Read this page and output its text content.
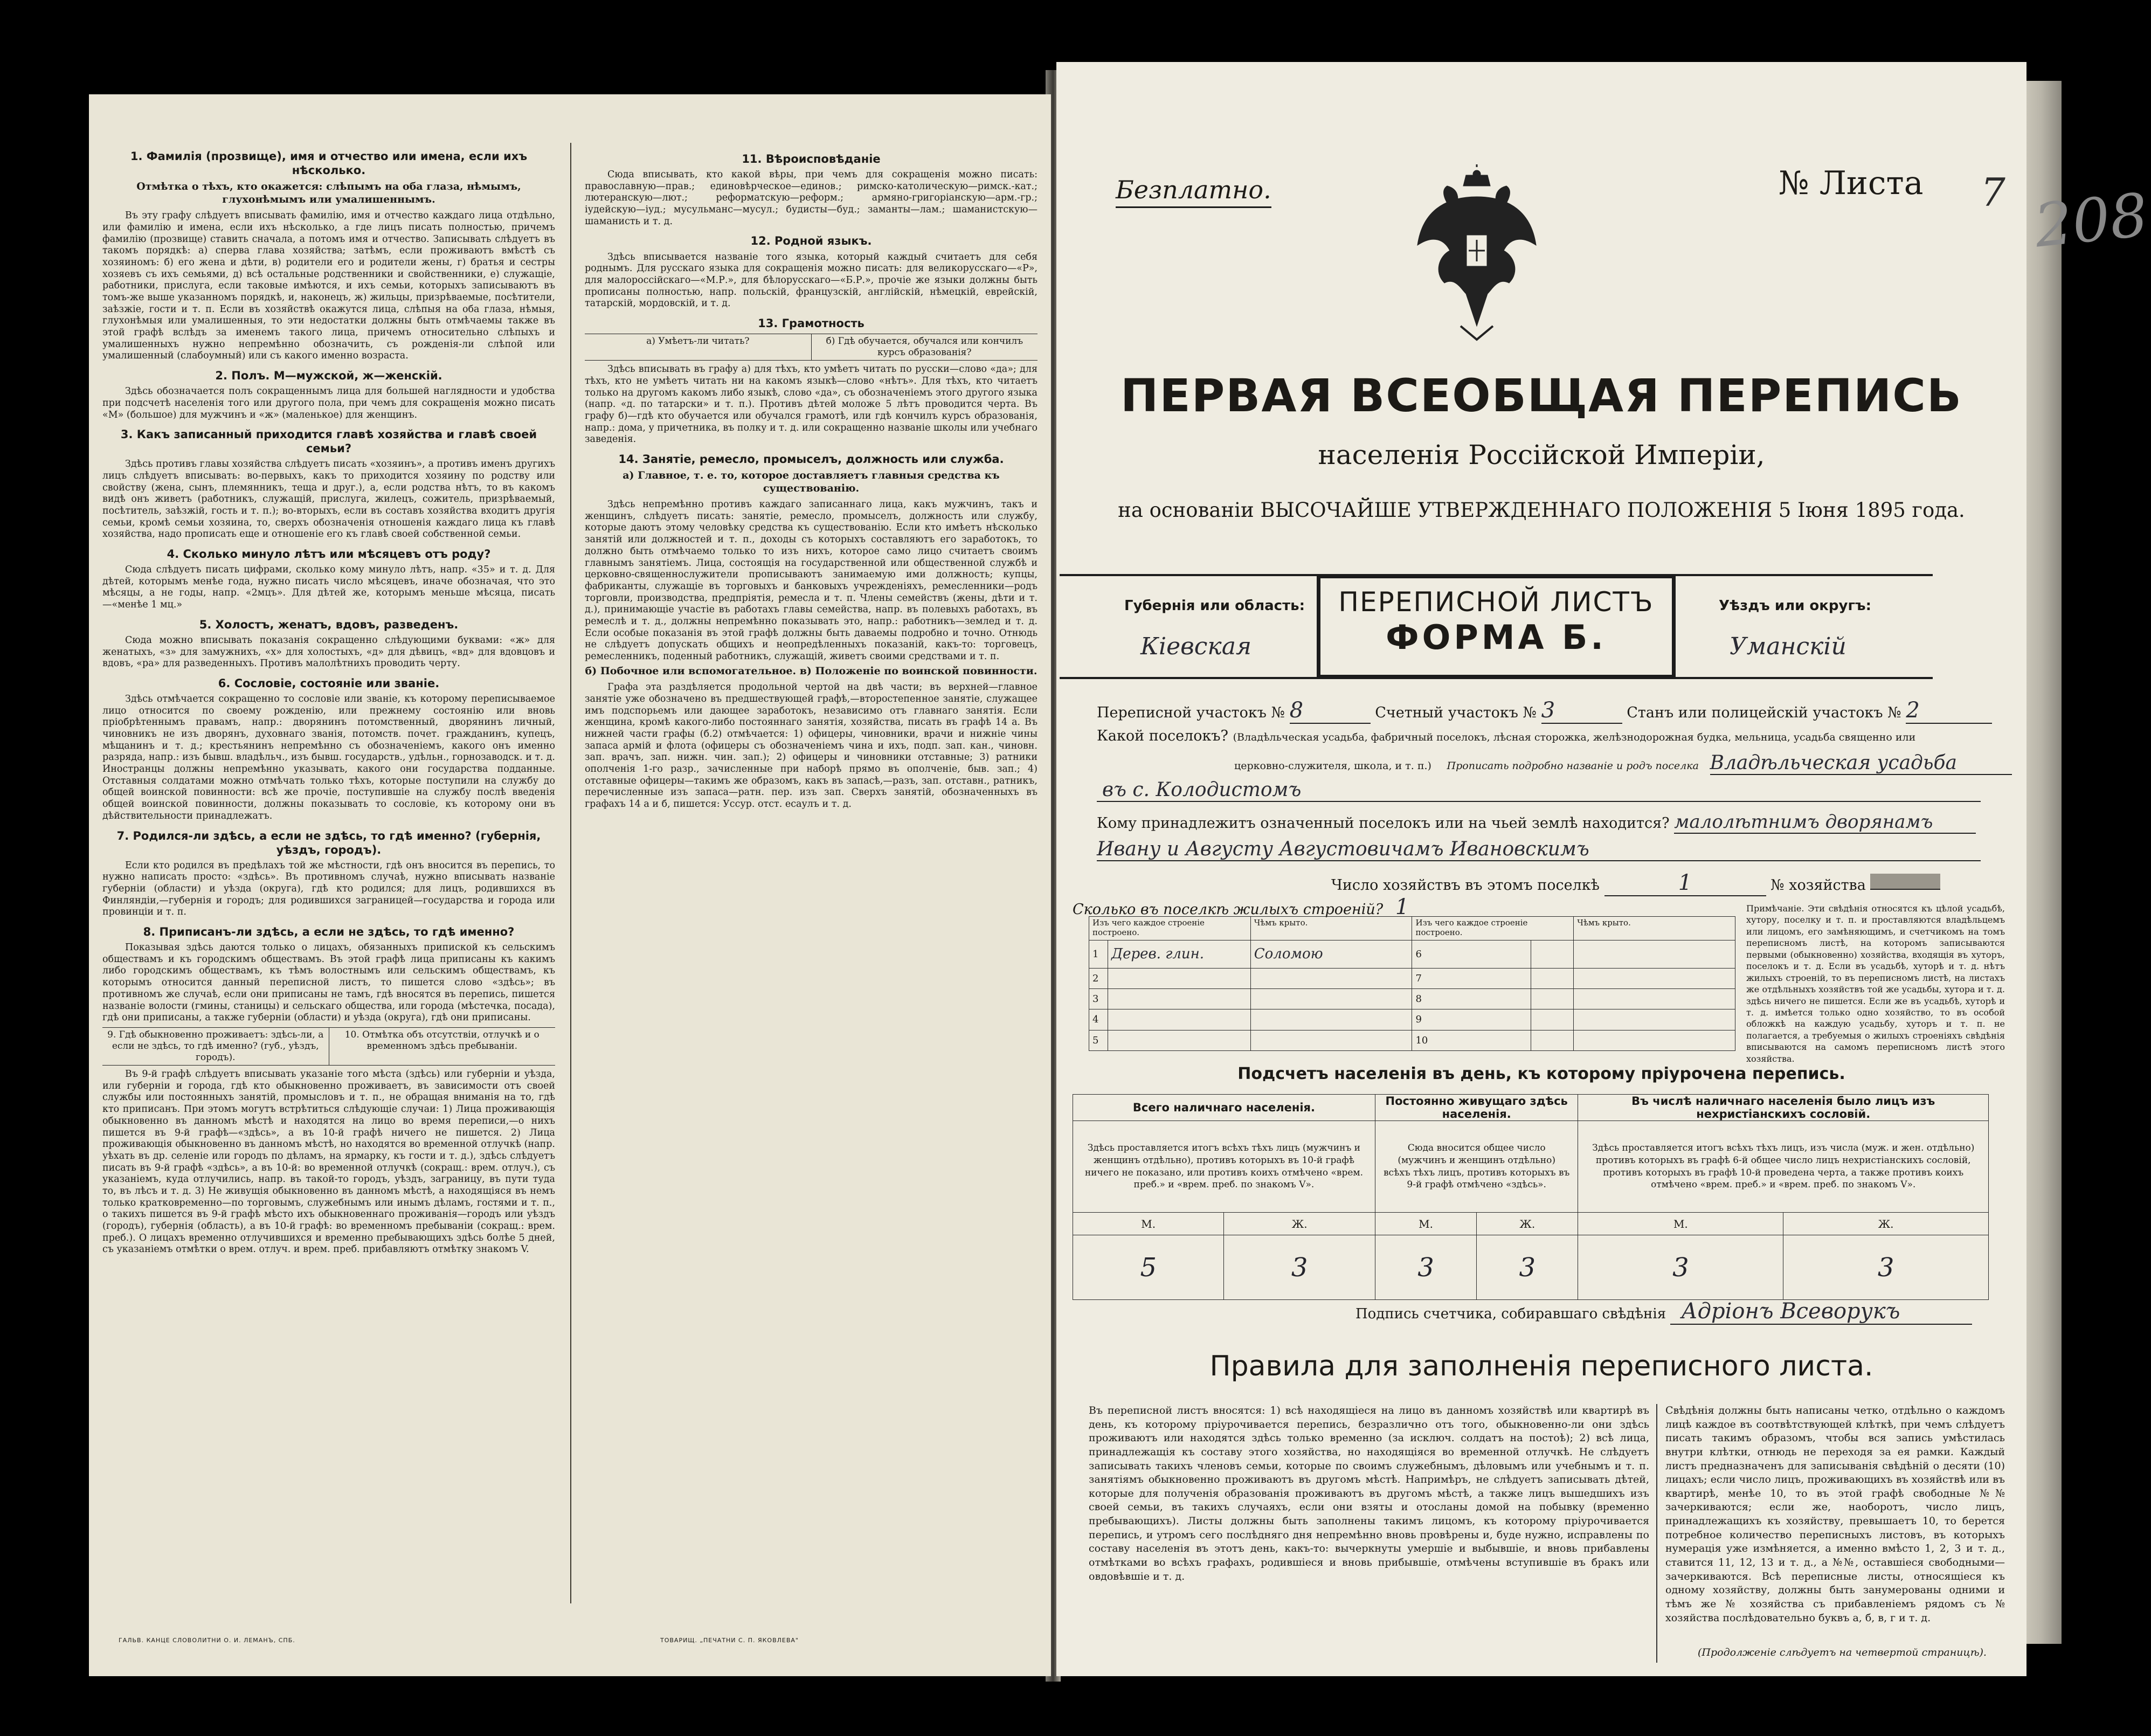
1. Фамилія (прозвище), имя и отчество или имена, если ихъ нѣсколько.
Отмѣтка о тѣхъ, кто окажется: слѣпымъ на оба глаза, нѣмымъ, глухонѣмымъ или умалишеннымъ.

Въ эту графу слѣдуетъ вписывать фамилію, имя и отчество каждаго лица отдѣльно, или фамилію и имена, если ихъ нѣсколько, а где лицъ писать полностью, причемъ фамилію (прозвище) ставить сначала, а потомъ имя и отчество. Записывать слѣдуетъ въ такомъ порядкѣ: а) сперва глава хозяйства; затѣмъ, если проживаютъ вмѣстѣ съ хозяиномъ: б) его жена и дѣти, в) родители его и родители жены, г) братья и сестры хозяевъ съ ихъ семьями, д) всѣ остальные родственники и свойственники, е) служащіе, работники, прислуга, если таковые имѣются, и ихъ семьи, которыхъ записываютъ въ томъ-же выше указанномъ порядкѣ, и, наконецъ, ж) жильцы, призрѣваемые, посѣтители, заѣзжіе, гости и т. п. Если въ хозяйствѣ окажутся лица, слѣпыя на оба глаза, нѣмыя, глухонѣмыя или умалишенныя, то эти недостатки должны быть отмѣчаемы также въ этой графѣ вслѣдъ за именемъ такого лица, причемъ относительно слѣпыхъ и умалишенныхъ нужно непремѣнно обозначить, съ рожденія-ли слѣпой или умалишенный (слабоумный) или съ какого именно возраста.

2. Полъ. М—мужской, ж—женскій.

Здѣсь обозначается полъ сокращеннымъ лица для большей наглядности и удобства при подсчетѣ населенія того или другого пола, при чемъ для сокращенія можно писать «М» (большое) для мужчинъ и «ж» (маленькое) для женщинъ.

3. Какъ записанный приходится главѣ хозяйства и главѣ своей семьи?

Здѣсь противъ главы хозяйства слѣдуетъ писать «хозяинъ», а противъ именъ другихъ лицъ слѣдуетъ вписывать: во-первыхъ, какъ то приходится хозяину по родству или свойству (жена, сынъ, племянникъ, теща и друг.), а, если родства нѣтъ, то въ какомъ видѣ онъ живетъ (работникъ, служащій, прислуга, жилецъ, сожитель, призрѣваемый, посѣтитель, заѣзжій, гость и т. п.); во-вторыхъ, если въ составъ хозяйства входитъ другія семьи, кромѣ семьи хозяина, то, сверхъ обозначенія отношенія каждаго лица къ главѣ хозяйства, надо прописать еще и отношеніе его къ главѣ своей собственной семьи.

4. Сколько минуло лѣтъ или мѣсяцевъ отъ роду?

Сюда слѣдуетъ писать цифрами, сколько кому минуло лѣтъ, напр. «35» и т. д. Для дѣтей, которымъ менѣе года, нужно писать число мѣсяцевъ, иначе обозначая, что это мѣсяцы, а не годы, напр. «2мцъ». Для дѣтей же, которымъ меньше мѣсяца, писать—«менѣе 1 мц.»

5. Холостъ, женатъ, вдовъ, разведенъ.

Сюда можно вписывать показанія сокращенно слѣдующими буквами: «ж» для женатыхъ, «з» для замужнихъ, «х» для холостыхъ, «д» для дѣвицъ, «вд» для вдовцовъ и вдовъ, «ра» для разведенныхъ. Противъ малолѣтнихъ проводить черту.

6. Сословіе, состояніе или званіе.

Здѣсь отмѣчается сокращенно то сословіе или званіе, къ которому переписываемое лицо относится по своему рожденію, или прежнему состоянію или вновь пріобрѣтеннымъ правамъ, напр.: дворянинъ потомственный, дворянинъ личный, чиновникъ не изъ дворянъ, духовнаго званія, потомств. почет. гражданинъ, купецъ, мѣщанинъ и т. д.; крестьянинъ непремѣнно съ обозначеніемъ, какого онъ именно разряда, напр.: изъ бывш. владѣльч., изъ бывш. государств., удѣльн., горнозаводск. и т. д. Иностранцы должны непремѣнно указывать, какого они государства подданные. Отставныя солдатами можно отмѣчать только тѣхъ, которые поступили на службу до общей воинской повинности: всѣ же прочіе, поступившіе на службу послѣ введенія общей воинской повинности, должны показывать то сословіе, къ которому они въ дѣйствительности принадлежатъ.

7. Родился-ли здѣсь, а если не здѣсь, то гдѣ именно? (губернія, уѣздъ, городъ).

Если кто родился въ предѣлахъ той же мѣстности, гдѣ онъ вносится въ перепись, то нужно написать просто: «здѣсь». Въ противномъ случаѣ, нужно вписывать названіе губерніи (области) и уѣзда (округа), гдѣ кто родился; для лицъ, родившихся въ Финляндіи,—губернія и городъ; для родившихся заграницей—государства и города или провинціи и т. п.

8. Приписанъ-ли здѣсь, а если не здѣсь, то гдѣ именно?

Показывая здѣсь даются только о лицахъ, обязанныхъ припиской къ сельскимъ обществамъ и къ городскимъ обществамъ. Въ этой графѣ лица приписаны къ какимъ либо городскимъ обществамъ, къ тѣмъ волостнымъ или сельскимъ обществамъ, къ которымъ относится данный переписной листъ, то пишется слово «здѣсь»; въ противномъ же случаѣ, если они приписаны не тамъ, гдѣ вносятся въ перепись, пишется названіе волости (гмины, станицы) и сельскаго общества, или города (мѣстечка, посада), гдѣ они приписаны, а также губерніи (области) и уѣзда (округа), гдѣ они приписаны.

9. Гдѣ обыкновенно проживаетъ: здѣсь-ли, а если не здѣсь, то гдѣ именно? (губ., уѣздъ, городъ).
10. Отмѣтка объ отсутствіи, отлучкѣ и о временномъ здѣсь пребываніи.

Въ 9-й графѣ слѣдуетъ вписывать указаніе того мѣста (здѣсь) или губерніи и уѣзда, или губерніи и города, гдѣ кто обыкновенно проживаетъ, въ зависимости отъ своей службы или постоянныхъ занятій, промысловъ и т. п., не обращая вниманія на то, гдѣ кто приписанъ. При этомъ могутъ встрѣтиться слѣдующіе случаи: 1) Лица проживающія обыкновенно въ данномъ мѣстѣ и находятся на лицо во время переписи,—о нихъ пишется въ 9-й графѣ—«здѣсь», а въ 10-й графѣ ничего не пишется. 2) Лица проживающія обыкновенно въ данномъ мѣстѣ, но находятся во временной отлучкѣ (напр. уѣхать въ др. селеніе или городъ по дѣламъ, на ярмарку, къ гости и т. д.), здѣсь слѣдуетъ писать въ 9-й графѣ «здѣсь», а въ 10-й: во временной отлучкѣ (сокращ.: врем. отлуч.), съ указаніемъ, куда отлучились, напр. въ такой-то городъ, уѣздъ, заграницу, въ пути туда то, въ лѣсъ и т. д. 3) Не живущія обыкновенно въ данномъ мѣстѣ, а находящіяся въ немъ только кратковременно—по торговымъ, служебнымъ или инымъ дѣламъ, гостями и т. п., о такихъ пишется въ 9-й графѣ мѣсто ихъ обыкновеннаго проживанія—городъ или уѣздъ (городъ), губернія (область), а въ 10-й графѣ: во временномъ пребываніи (сокращ.: врем. преб.). О лицахъ временно отлучившихся и временно пребывающихъ здѣсь болѣе 5 дней, съ указаніемъ отмѣтки о врем. отлуч. и врем. преб. прибавляютъ отмѣтку знакомъ V.

11. Вѣроисповѣданіе

Сюда вписывать, кто какой вѣры, при чемъ для сокращенія можно писать: православную—прав.; единовѣрческое—единов.; римско-католическую—римск.-кат.; лютеранскую—лют.; реформатскую—реформ.; армяно-григоріанскую—арм.-гр.; іудейскую—іуд.; мусульманс—мусул.; будисты—буд.; заманты—лам.; шаманистскую—шаманисть и т. д.

12. Родной языкъ.

Здѣсь вписывается названіе того языка, который каждый считаетъ для себя роднымъ. Для русскаго языка для сокращенія можно писать: для великорусскаго—«Р», для малороссійскаго—«М.Р.», для бѣлорусскаго—«Б.Р.», прочіе же языки должны быть прописаны полностью, напр. польскій, французскій, англійскій, нѣмецкій, еврейскій, татарскій, мордовскій, и т. д.

13. Грамотность
а) Умѣетъ-ли читать?	б) Гдѣ обучается, обучался или кончилъ курсъ образованія?

Здѣсь вписывать въ графу а) для тѣхъ, кто умѣетъ читать по русски—слово «да»; для тѣхъ, кто не умѣетъ читать ни на какомъ языкѣ—слово «нѣтъ». Для тѣхъ, кто читаетъ только на другомъ какомъ либо языкѣ, слово «да», съ обозначеніемъ этого другого языка (напр. «д. по татарски» и т. п.). Противъ дѣтей моложе 5 лѣтъ проводится черта. Въ графу б)—гдѣ кто обучается или обучался грамотѣ, или гдѣ кончилъ курсъ образованія, напр.: дома, у причетника, въ полку и т. д. или сокращенно названіе школы или учебнаго заведенія.

14. Занятіе, ремесло, промыселъ, должность или служба.
а) Главное, т. е. то, которое доставляетъ главныя средства къ существованію.

Здѣсь непремѣнно противъ каждаго записаннаго лица, какъ мужчинъ, такъ и женщинъ, слѣдуетъ писать: занятіе, ремесло, промыселъ, должность или службу, которые даютъ этому человѣку средства къ существованію. Если кто имѣетъ нѣсколько занятій или должностей и т. п., доходы съ которыхъ составляютъ его заработокъ, то должно быть отмѣчаемо только то изъ нихъ, которое само лицо считаетъ своимъ главнымъ занятіемъ. Лица, состоящія на государственной или общественной службѣ и церковно-священнослужители прописываютъ занимаемую ими должность; купцы, фабриканты, служащіе въ торговыхъ и банковыхъ учрежденіяхъ, ремесленники—родъ торговли, производства, предпріятія, ремесла и т. п. Члены семействъ (жены, дѣти и т. д.), принимающіе участіе въ работахъ главы семейства, напр. въ полевыхъ работахъ, въ ремеслѣ и т. д., должны непремѣнно показывать это, напр.: работникъ—землед и т. д. Если особые показанія въ этой графѣ должны быть даваемы подробно и точно. Отнюдь не слѣдуетъ допускать общихъ и неопредѣленныхъ показаній, какъ-то: торговецъ, ремесленникъ, поденный работникъ, служащій, живетъ своими средствами и т. п.

б) Побочное или вспомогательное. в) Положеніе по воинской повинности.

Графа эта раздѣляется продольной чертой на двѣ части; въ верхней—главное занятіе уже обозначено въ предшествующей графѣ,—второстепенное занятіе, служащее имъ подспорьемъ или дающее заработокъ, независимо отъ главнаго занятія. Если женщина, кромѣ какого-либо постояннаго занятія, хозяйства, писать въ графѣ 14 а. Въ нижней части графы (б.2) отмѣчается: 1) офицеры, чиновники, врачи и нижніе чины запаса армій и флота (офицеры съ обозначеніемъ чина и ихъ, подп. зап. кан., чиновн. зап. врачъ, зап. нижн. чин. зап.); 2) офицеры и чиновники отставные; 3) ратники ополченія 1-го разр., зачисленные при наборѣ прямо въ ополченіе, быв. зап.; 4) отставные офицеры—такимъ же образомъ, какъ въ запасѣ,—разъ, зап. отставн., ратникъ, перечисленные изъ запаса—ратн. пер. изъ зап. Сверхъ занятій, обозначенныхъ въ графахъ 14 а и б, пишется: Уссур. отст. есаулъ и т. д.

ГАЛЬВ. КАНЦЕ СЛОВОЛИТНИ О. И. ЛЕМАНЪ, СПБ.	ТОВАРИЩ. „ПЕЧАТНИ С. П. ЯКОВЛЕВА"
Безплатно.	№ Листа 7 208
ПЕРВАЯ ВСЕОБЩАЯ ПЕРЕПИСЬ
населенія Россійской Имперіи,
на основаніи ВЫСОЧАЙШЕ УТВЕРЖДЕННАГО ПОЛОЖЕНІЯ 5 Іюня 1895 года.
Губернія или область:
Кіевская
ПЕРЕПИСНОЙ ЛИСТЪ
ФОРМА Б.
Уѣздъ или округъ:
Уманскій
Переписной участокъ № 8	Счетный участокъ № 3	Станъ или полицейскій участокъ № 2
Какой поселокъ? (Владѣльческая усадьба, фабричный поселокъ, лѣсная сторожка, желѣзнодорожная будка, мельница, усадьба священно или
церковно-служителя, школа, и т. п.) Прописать подробно названіе и родъ поселка Владѣльческая усадьба
въ с. Колодистомъ
Кому принадлежитъ означенный поселокъ или на чьей землѣ находится? малолѣтнимъ дворянамъ
Ивану и Августу Августовичамъ Ивановскимъ
Число хозяйствъ въ этомъ поселкѣ	1	№ хозяйства
Сколько въ поселкѣ жилыхъ строеній? 1
Изъ чего каждое строеніе построено.		Чѣмъ крыто.	Изъ чего каждое строеніе построено.		Чѣмъ крыто.
1	Дерев. глин.	Соломою	6		
2			7		
3			8		
4			9		
5			10		
Примѣчаніе. Эти свѣдѣнія относятся къ цѣлой усадьбѣ, хутору, поселку и т. п. и проставляются владѣльцемъ или лицомъ, его замѣняющимъ, и счетчикомъ на томъ переписномъ листѣ, на которомъ записываются первыми (обыкновенно) хозяйства, входящія въ хуторъ, поселокъ и т. д. Если въ усадьбѣ, хуторѣ и т. д. нѣтъ жилыхъ строеній, то въ переписномъ листѣ, на листахъ же отдѣльныхъ хозяйствъ той же усадьбы, хутора и т. д. здѣсь ничего не пишется. Если же въ усадьбѣ, хуторѣ и т. д. имѣется только одно хозяйство, то въ особой обложкѣ на каждую усадьбу, хуторъ и т. п. не полагается, а требуемыя о жилыхъ строеніяхъ свѣдѣнія вписываются на самомъ переписномъ листѣ этого хозяйства.
Подсчетъ населенія въ день, къ которому пріурочена перепись.
Всего наличнаго населенія.		Постоянно живущаго здѣсь населенія.		Въ числѣ наличнаго населенія было лицъ изъ нехристіанскихъ сословій.	
Здѣсь проставляется итогъ всѣхъ тѣхъ лицъ (мужчинъ и женщинъ отдѣльно), противъ которыхъ въ 10-й графѣ ничего не показано, или противъ коихъ отмѣчено «врем. преб.» и «врем. преб. по знакомъ V».		Сюда вносится общее число (мужчинъ и женщинъ отдѣльно) всѣхъ тѣхъ лицъ, противъ которыхъ въ 9-й графѣ отмѣчено «здѣсь».		Здѣсь проставляется итогъ всѣхъ тѣхъ лицъ, изъ числа (муж. и жен. отдѣльно) противъ которыхъ въ графѣ 6-й общее число лицъ нехристіанскихъ сословій, противъ которыхъ въ графѣ 10-й проведена черта, а также противъ коихъ отмѣчено «врем. преб.» и «врем. преб. по знакомъ V».	
М.	Ж.	М.	Ж.	М.	Ж.
5	3	3	3	3	3
Подпись счетчика, собиравшаго свѣдѣнія Адріонъ Всеворукъ
Правила для заполненія переписного листа.
Въ переписной листъ вносятся: 1) всѣ находящіеся на лицо въ данномъ хозяйствѣ или квартирѣ въ день, къ которому пріурочивается перепись, безразлично отъ того, обыкновенно-ли они здѣсь проживаютъ или находятся здѣсь только временно (за исключ. солдатъ на постоѣ); 2) всѣ лица, принадлежащія къ составу этого хозяйства, но находящіяся во временной отлучкѣ. Не слѣдуетъ записывать такихъ членовъ семьи, которые по своимъ служебнымъ, дѣловымъ или учебнымъ и т. п. занятіямъ обыкновенно проживаютъ въ другомъ мѣстѣ. Напримѣръ, не слѣдуетъ записывать дѣтей, которые для полученія образованія проживаютъ въ другомъ мѣстѣ, а также лицъ вышедшихъ изъ своей семьи, въ такихъ случаяхъ, если они взяты и отосланы домой на побывку (временно пребывающихъ). Листы должны быть заполнены такимъ лицомъ, къ которому пріурочивается перепись, и утромъ сего послѣдняго дня непремѣнно вновь провѣрены и, буде нужно, исправлены по составу населенія въ этотъ день, какъ-то: вычеркнуты умершіе и выбывшіе, и вновь прибавлены отмѣтками во всѣхъ графахъ, родившіеся и вновь прибывшіе, отмѣчены вступившіе въ бракъ или овдовѣвшіе и т. д.
Свѣдѣнія должны быть написаны четко, отдѣльно о каждомъ лицѣ каждое въ соотвѣтствующей клѣткѣ, при чемъ слѣдуетъ писать такимъ образомъ, чтобы вся запись умѣстилась внутри клѣтки, отнюдь не переходя за ея рамки. Каждый листъ предназначенъ для записыванія свѣдѣній о десяти (10) лицахъ; если число лицъ, проживающихъ въ хозяйствѣ или въ квартирѣ, менѣе 10, то въ этой графѣ свободные №№ зачеркиваются; если же, наоборотъ, число лицъ, принадлежащихъ къ хозяйству, превышаетъ 10, то берется потребное количество переписныхъ листовъ, въ которыхъ нумерація уже измѣняется, а именно вмѣсто 1, 2, 3 и т. д., ставится 11, 12, 13 и т. д., а №№, оставшіеся свободными—зачеркиваются. Всѣ переписные листы, относящіеся къ одному хозяйству, должны быть занумерованы одними и тѣмъ же № хозяйства съ прибавленіемъ рядомъ съ № хозяйства послѣдовательно буквъ а, б, в, г и т. д.
(Продолженіе слѣдуетъ на четвертой страницѣ).
